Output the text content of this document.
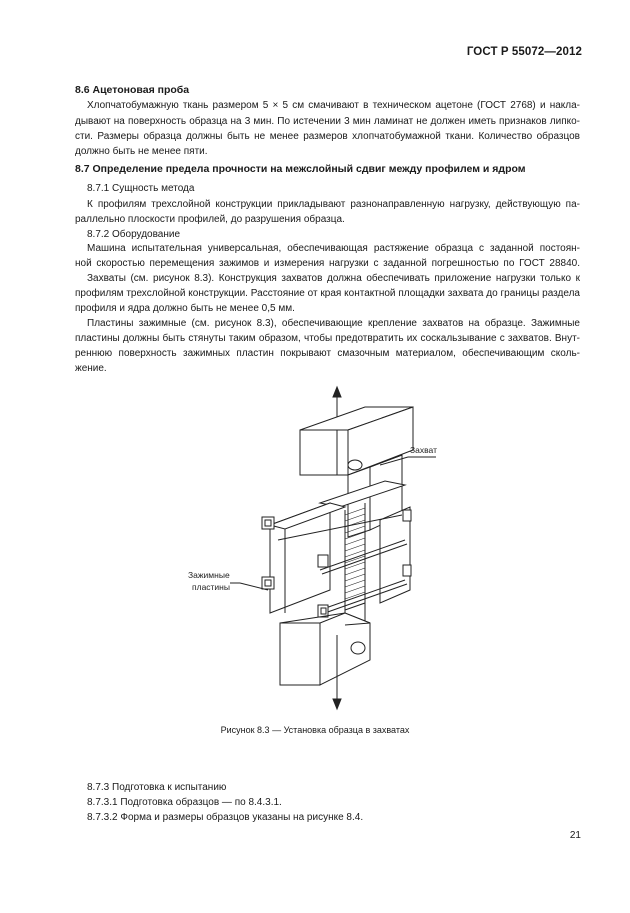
ГОСТ Р 55072—2012
8.6 Ацетоновая проба
Хлопчатобумажную ткань размером 5 × 5 см смачивают в техническом ацетоне (ГОСТ 2768) и накла-
дывают на поверхность образца на 3 мин. По истечении 3 мин ламинат не должен иметь признаков липко-
сти. Размеры образца должны быть не менее размеров хлопчатобумажной ткани. Количество образцов
должно быть не менее пяти.
8.7 Определение предела прочности на межслойный сдвиг между профилем и ядром
8.7.1 Сущность метода
К профилям трехслойной конструкции прикладывают разнонаправленную нагрузку, действующую па-
раллельно плоскости профилей, до разрушения образца.
8.7.2 Оборудование
Машина испытательная универсальная, обеспечивающая растяжение образца с заданной постоян-
ной скоростью перемещения зажимов и измерения нагрузки с заданной погрешностью по ГОСТ 28840.
Захваты (см. рисунок 8.3). Конструкция захватов должна обеспечивать приложение нагрузки только к
профилям трехслойной конструкции. Расстояние от края контактной площадки захвата до границы раздела
профиля и ядра должно быть не менее 0,5 мм.
Пластины зажимные (см. рисунок 8.3), обеспечивающие крепление захватов на образце. Зажимные
пластины должны быть стянуты таким образом, чтобы предотвратить их соскальзывание с захватов. Внут-
реннюю поверхность зажимных пластин покрывают смазочным материалом, обеспечивающим сколь-
жение.
Захват
Зажимные
пластины
Рисунок 8.3 — Установка образца в захватах
8.7.3 Подготовка к испытанию
8.7.3.1 Подготовка образцов — по 8.4.3.1.
8.7.3.2 Форма и размеры образцов указаны на рисунке 8.4.
21
